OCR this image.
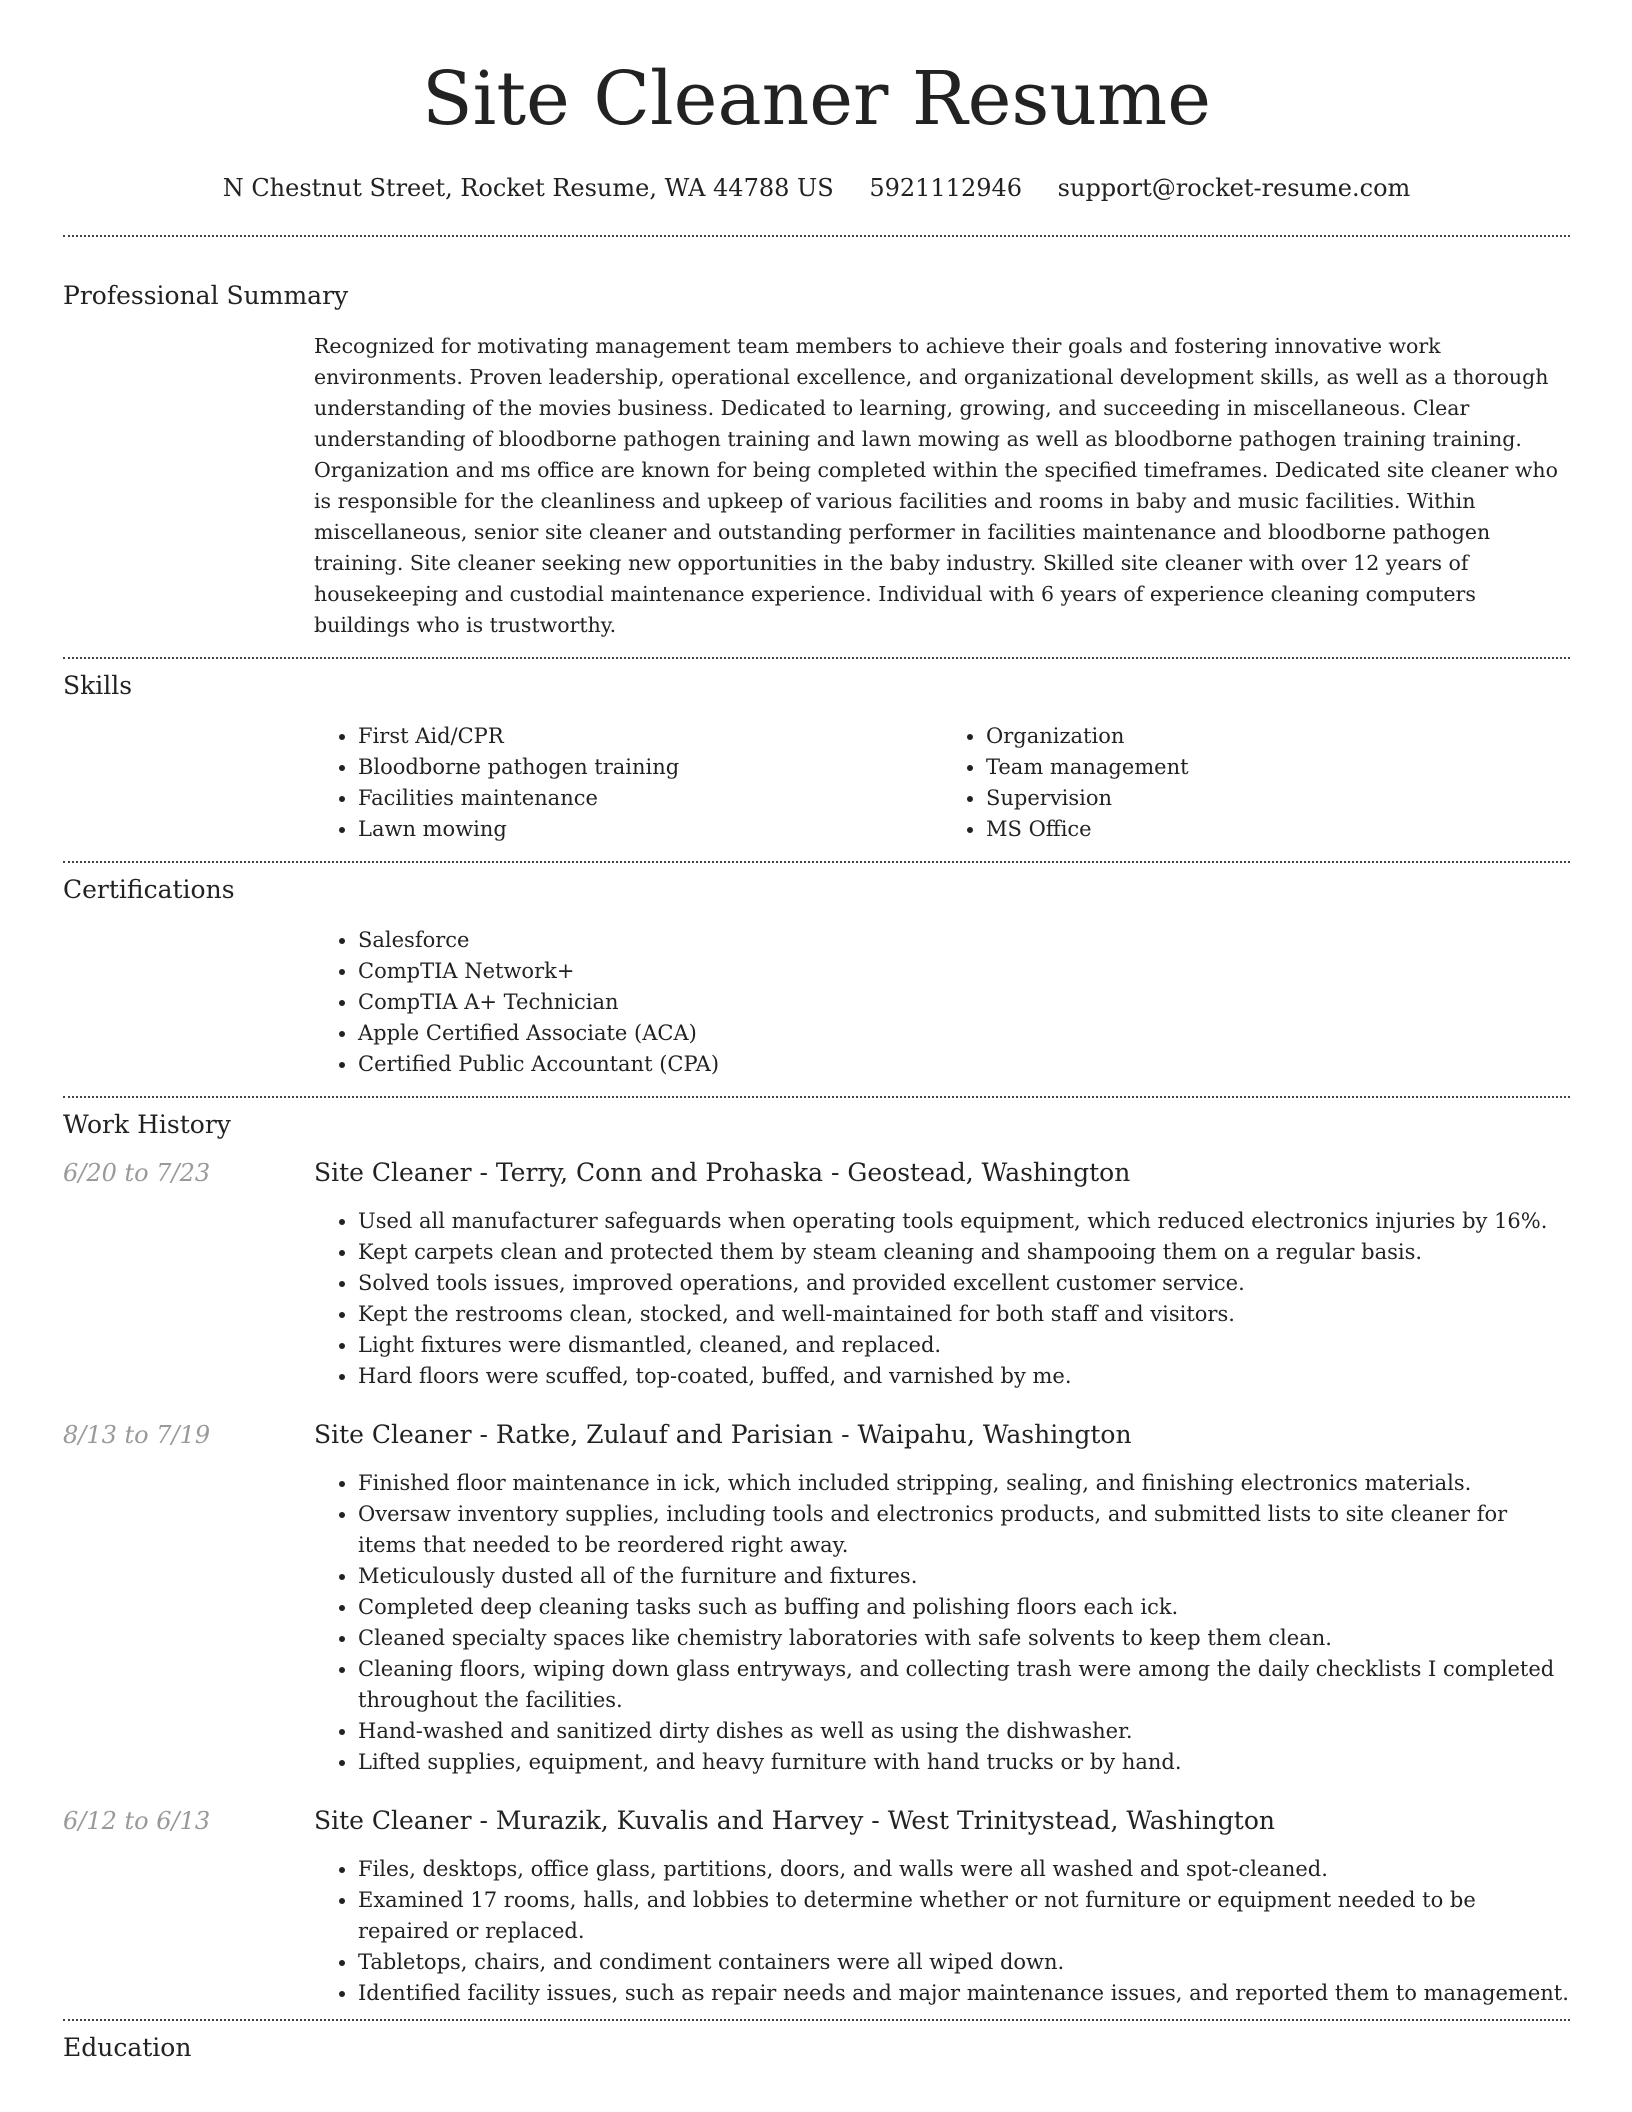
Site Cleaner Resume
N Chestnut Street, Rocket Resume, WA 44788 US 5921112946 support@rocket-resume.com
Professional Summary

Recognized for motivating management team members to achieve their goals and fostering innovative work environments. Proven leadership, operational excellence, and organizational development skills, as well as a thorough understanding of the movies business. Dedicated to learning, growing, and succeeding in miscellaneous. Clear understanding of bloodborne pathogen training and lawn mowing as well as bloodborne pathogen training training. Organization and ms office are known for being completed within the specified timeframes. Dedicated site cleaner who is responsible for the cleanliness and upkeep of various facilities and rooms in baby and music facilities. Within miscellaneous, senior site cleaner and outstanding performer in facilities maintenance and bloodborne pathogen training. Site cleaner seeking new opportunities in the baby industry. Skilled site cleaner with over 12 years of housekeeping and custodial maintenance experience. Individual with 6 years of experience cleaning computers buildings who is trustworthy.

Skills
• First Aid/CPR
• Bloodborne pathogen training
• Facilities maintenance
• Lawn mowing
• Organization
• Team management
• Supervision
• MS Office
Certifications
• Salesforce
• CompTIA Network+
• CompTIA A+ Technician
• Apple Certified Associate (ACA)
• Certified Public Accountant (CPA)
Work History
6/20 to 7/23	Site Cleaner - Terry, Conn and Prohaska - Geostead, Washington
• Used all manufacturer safeguards when operating tools equipment, which reduced electronics injuries by 16%.
• Kept carpets clean and protected them by steam cleaning and shampooing them on a regular basis.
• Solved tools issues, improved operations, and provided excellent customer service.
• Kept the restrooms clean, stocked, and well-maintained for both staff and visitors.
• Light fixtures were dismantled, cleaned, and replaced.
• Hard floors were scuffed, top-coated, buffed, and varnished by me.
8/13 to 7/19	Site Cleaner - Ratke, Zulauf and Parisian - Waipahu, Washington
• Finished floor maintenance in ick, which included stripping, sealing, and finishing electronics materials.
• Oversaw inventory supplies, including tools and electronics products, and submitted lists to site cleaner for items that needed to be reordered right away.
• Meticulously dusted all of the furniture and fixtures.
• Completed deep cleaning tasks such as buffing and polishing floors each ick.
• Cleaned specialty spaces like chemistry laboratories with safe solvents to keep them clean.
• Cleaning floors, wiping down glass entryways, and collecting trash were among the daily checklists I completed throughout the facilities.
• Hand-washed and sanitized dirty dishes as well as using the dishwasher.
• Lifted supplies, equipment, and heavy furniture with hand trucks or by hand.
6/12 to 6/13	Site Cleaner - Murazik, Kuvalis and Harvey - West Trinitystead, Washington
• Files, desktops, office glass, partitions, doors, and walls were all washed and spot-cleaned.
• Examined 17 rooms, halls, and lobbies to determine whether or not furniture or equipment needed to be repaired or replaced.
• Tabletops, chairs, and condiment containers were all wiped down.
• Identified facility issues, such as repair needs and major maintenance issues, and reported them to management.
Education
